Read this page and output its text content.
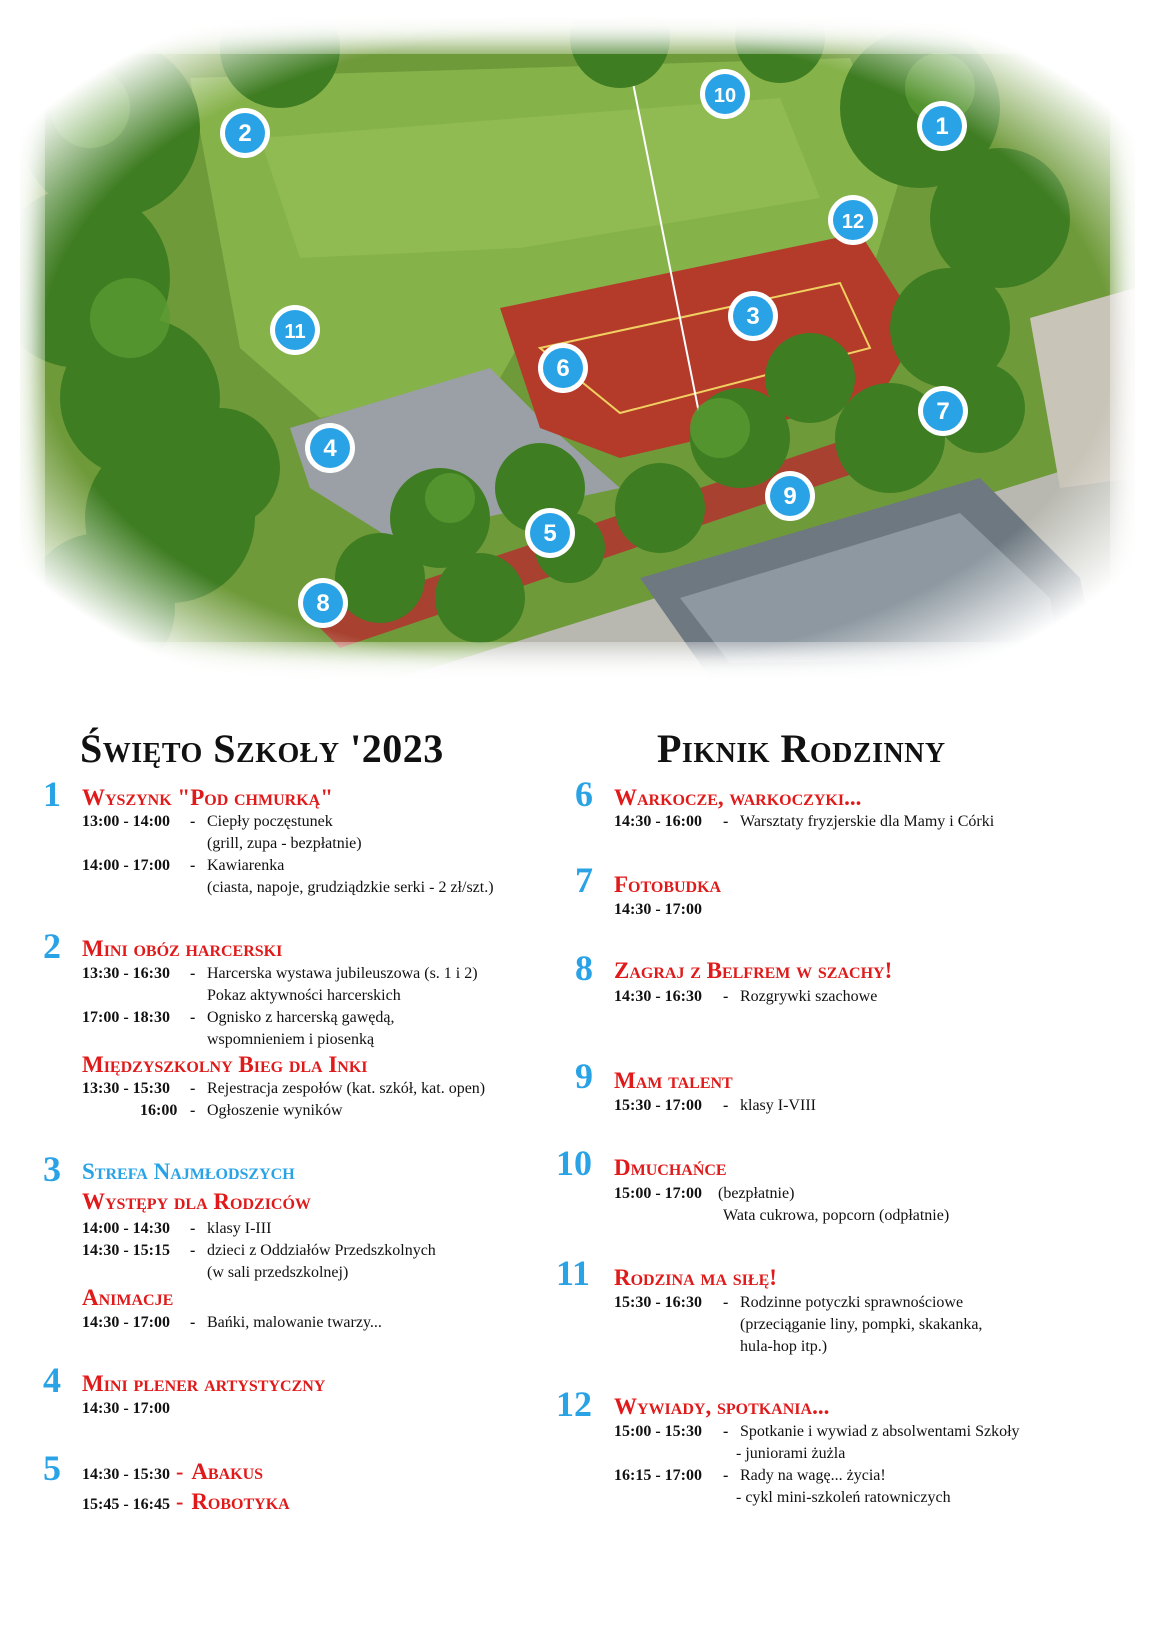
1
2
3
4
5
6
7
8
9
10
11
12
Święto Szkoły '2023	Piknik Rodzinny
1 Wyszynk "Pod chmurką"
13:00 - 14:00 Ciepły poczęstunek
-
(grill, zupa - bezpłatnie)
14:00 - 17:00 - Kawiarenka
(ciasta, napoje, grudziądzkie serki - 2 zł/szt.)
2 Mini obóz harcerski
13:30 - 16:30 - Harcerska wystawa jubileuszowa (s. 1 i 2)
Pokaz aktywności harcerskich
17:00 - 18:30 - Ognisko z harcerską gawędą,
wspomnieniem i piosenką
Międzyszkolny Bieg dla Inki
13:30 - 15:30 - Rejestracja zespołów (kat. szkół, kat. open)
16:00 - Ogłoszenie wyników
3 Strefa Najmłodszych
Występy dla Rodziców
14:00 - 14:30 - klasy I-III
14:30 - 15:15 - dzieci z Oddziałów Przedszkolnych
(w sali przedszkolnej)
Animacje
14:30 - 17:00 - Bańki, malowanie twarzy...
4 Mini plener artystyczny
14:30 - 17:00
5 14:30 - 15:30 - Abakus
15:45 - 16:45 - Robotyka
6 Warkocze, warkoczyki...
14:30 - 16:00 - Warsztaty fryzjerskie dla Mamy i Córki
7 Fotobudka
14:30 - 17:00
8 Zagraj z Belfrem w szachy!
14:30 - 16:30 - Rozgrywki szachowe
9 Mam talent
15:30 - 17:00 - klasy I-VIII
10 Dmuchańce
15:00 - 17:00 (bezpłatnie)
Wata cukrowa, popcorn (odpłatnie)
11 Rodzina ma siłę!
15:30 - 16:30 - Rodzinne potyczki sprawnościowe
(przeciąganie liny, pompki, skakanka,
hula-hop itp.)
12 Wywiady, spotkania...
15:00 - 15:30 - Spotkanie i wywiad z absolwentami Szkoły
- juniorami żużla
16:15 - 17:00 - Rady na wagę... życia!
- cykl mini-szkoleń ratowniczych
